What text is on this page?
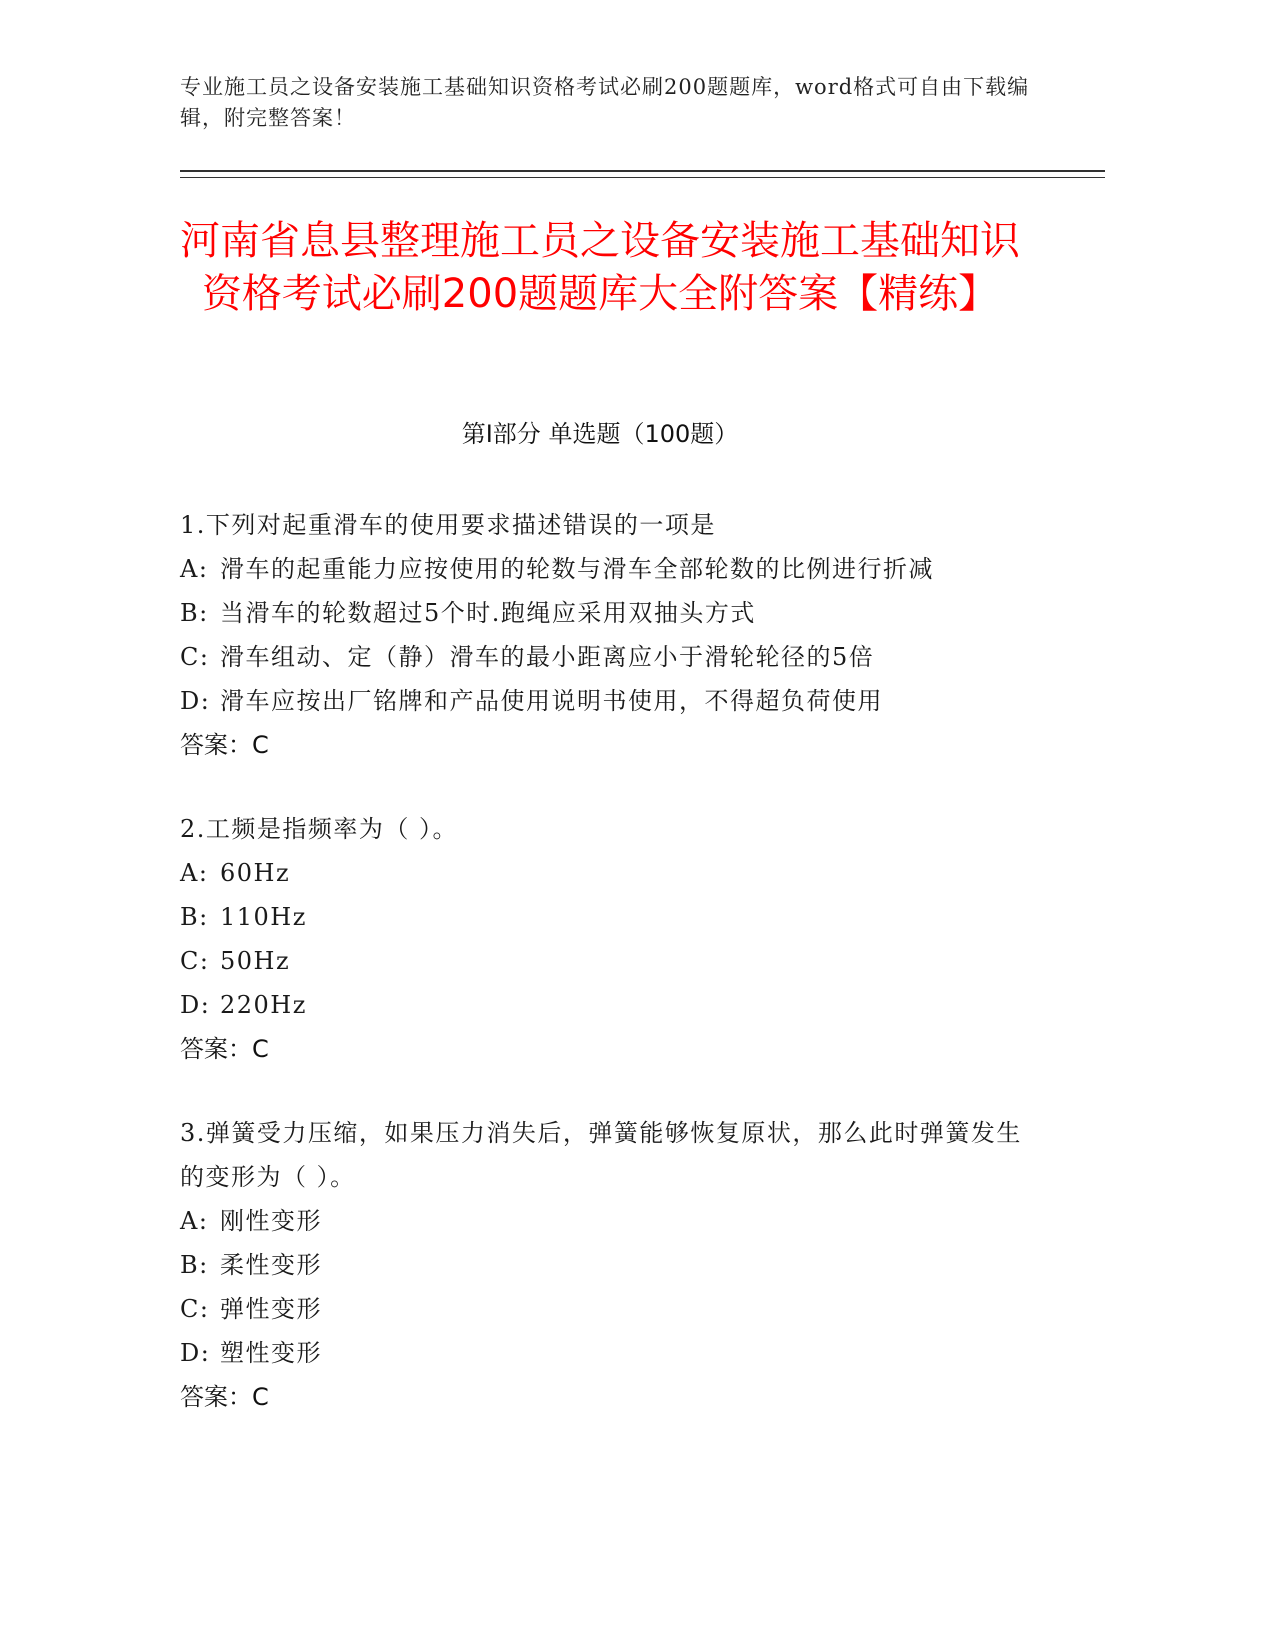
专业施工员之设备安装施工基础知识资格考试必刷200题题库，word格式可自由下载编辑，附完整答案！
河南省息县整理施工员之设备安装施工基础知识资格考试必刷200题题库大全附答案【精练】
第I部分 单选题（100题）
1.下列对起重滑车的使用要求描述错误的一项是
A: 滑车的起重能力应按使用的轮数与滑车全部轮数的比例进行折减
B: 当滑车的轮数超过5个时.跑绳应采用双抽头方式
C: 滑车组动、定（静）滑车的最小距离应小于滑轮轮径的5倍
D: 滑车应按出厂铭牌和产品使用说明书使用，不得超负荷使用
答案：C
2.工频是指频率为（ ）。
A: 60Hz
B: 110Hz
C: 50Hz
D: 220Hz
答案：C
3.弹簧受力压缩，如果压力消失后，弹簧能够恢复原状，那么此时弹簧发生的变形为（ ）。
A: 刚性变形
B: 柔性变形
C: 弹性变形
D: 塑性变形
答案：C
